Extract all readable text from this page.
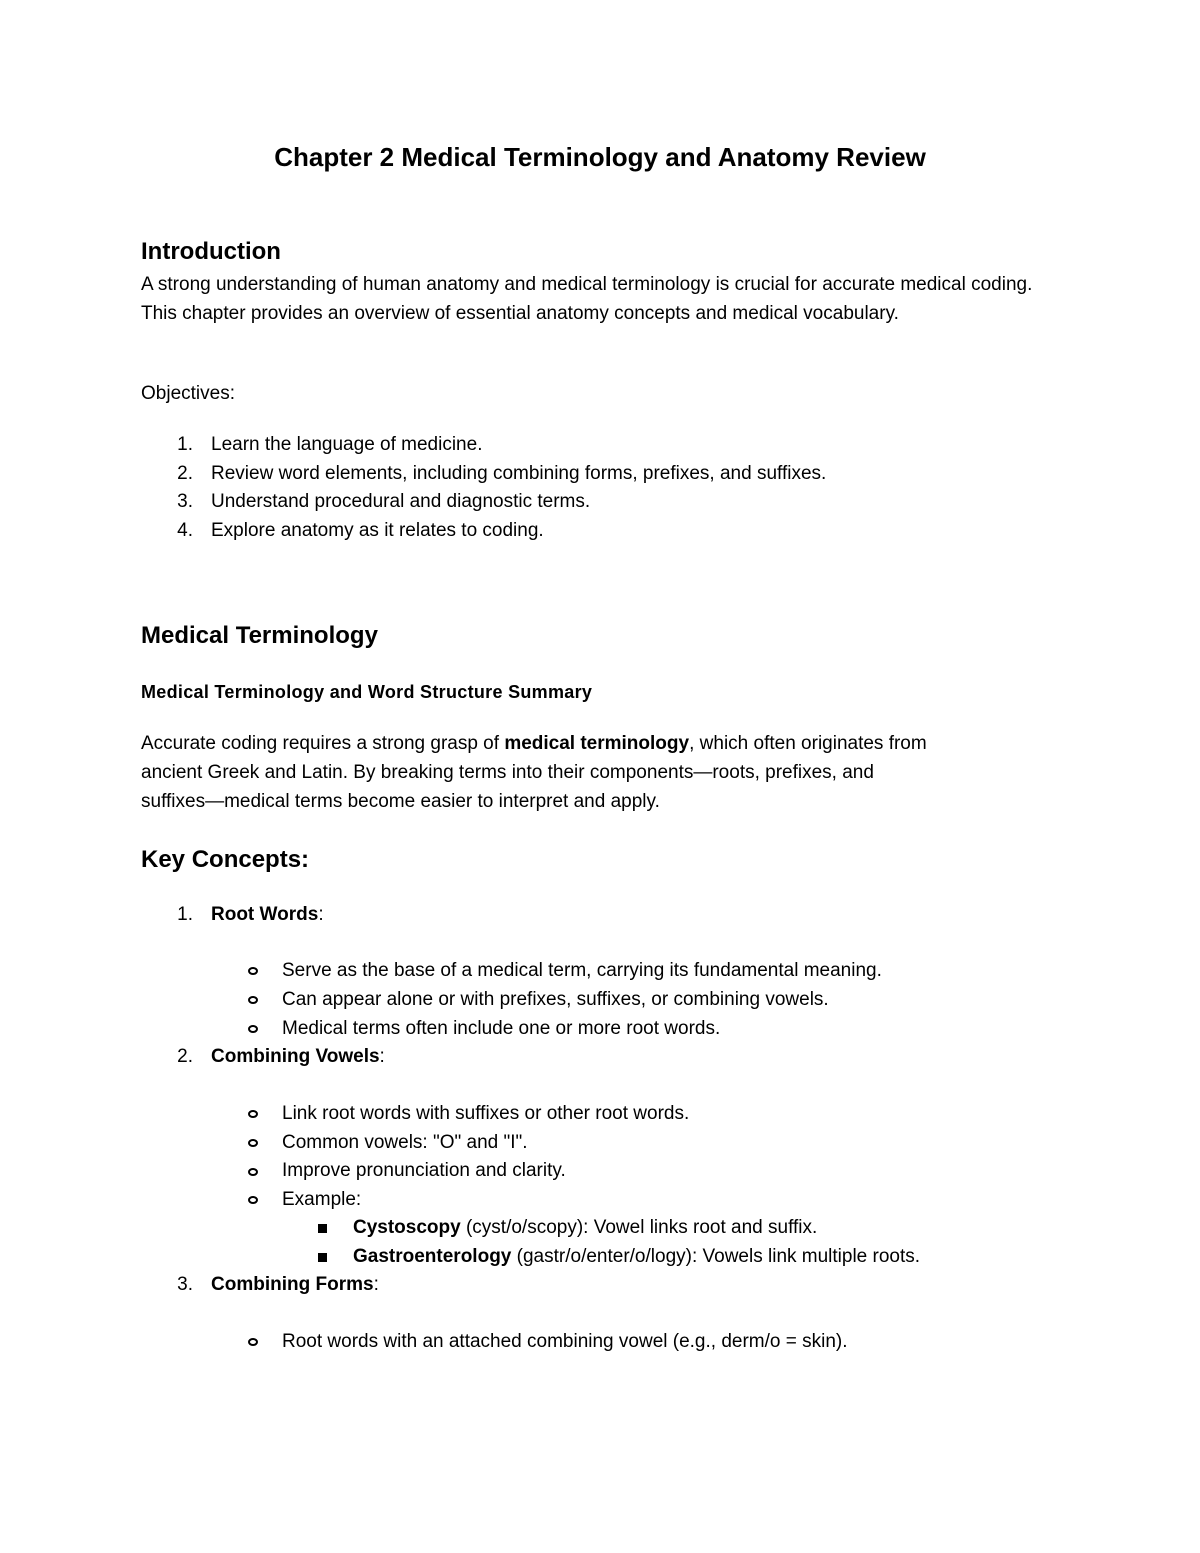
Chapter 2 Medical Terminology and Anatomy Review
Introduction
A strong understanding of human anatomy and medical terminology is crucial for accurate medical coding. This chapter provides an overview of essential anatomy concepts and medical vocabulary.
Objectives:
1. Learn the language of medicine.
2. Review word elements, including combining forms, prefixes, and suffixes.
3. Understand procedural and diagnostic terms.
4. Explore anatomy as it relates to coding.
Medical Terminology
Medical Terminology and Word Structure Summary
Accurate coding requires a strong grasp of medical terminology, which often originates from
ancient Greek and Latin. By breaking terms into their components—roots, prefixes, and
suffixes—medical terms become easier to interpret and apply.
Key Concepts:
1. Root Words:
Serve as the base of a medical term, carrying its fundamental meaning.
Can appear alone or with prefixes, suffixes, or combining vowels.
Medical terms often include one or more root words.
2. Combining Vowels:
Link root words with suffixes or other root words.
Common vowels: "O" and "I".
Improve pronunciation and clarity.
Example:
Cystoscopy (cyst/o/scopy): Vowel links root and suffix.
Gastroenterology (gastr/o/enter/o/logy): Vowels link multiple roots.
3. Combining Forms:
Root words with an attached combining vowel (e.g., derm/o = skin).
